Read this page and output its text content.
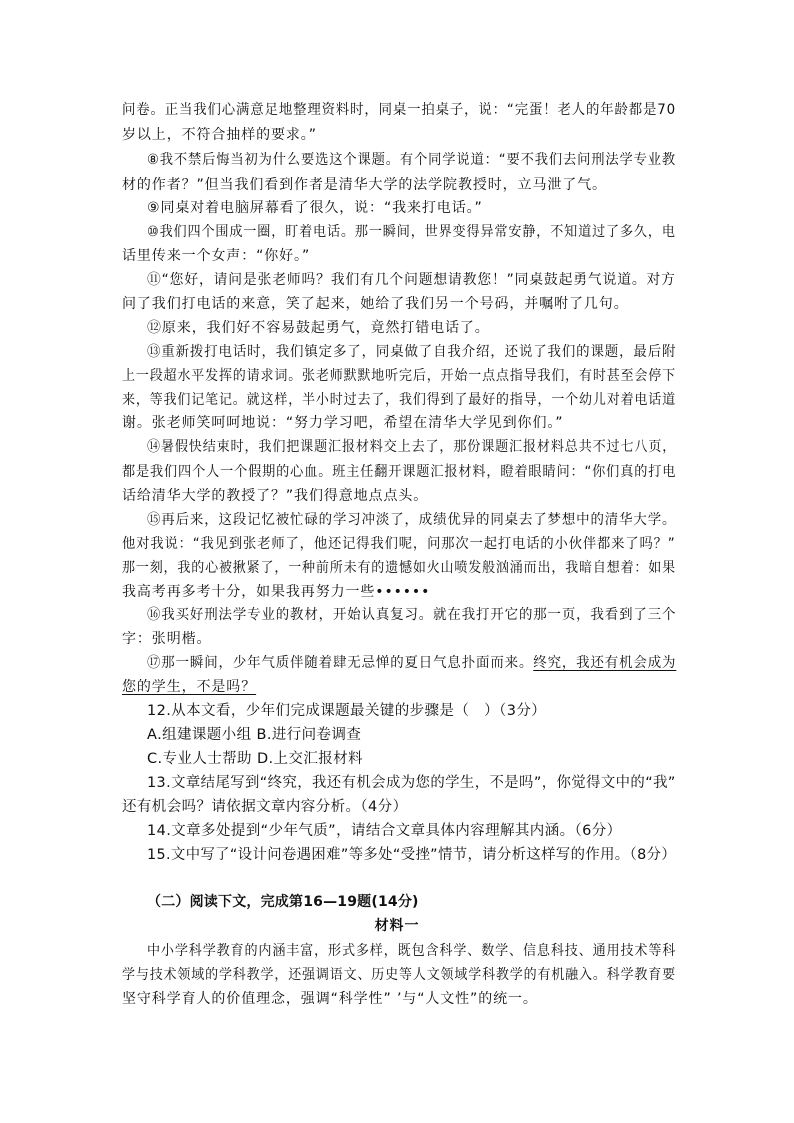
问卷。正当我们心满意足地整理资料时，同桌一拍桌子，说：“完蛋！老人的年龄都是70
岁以上，不符合抽样的要求。”
⑧我不禁后悔当初为什么要选这个课题。有个同学说道：“要不我们去问刑法学专业教
材的作者？”但当我们看到作者是清华大学的法学院教授时，立马泄了气。
⑨同桌对着电脑屏幕看了很久，说：“我来打电话。”
⑩我们四个围成一圈，盯着电话。那一瞬间，世界变得异常安静，不知道过了多久，电
话里传来一个女声：“你好。”
⑪“您好，请问是张老师吗？我们有几个问题想请教您！”同桌鼓起勇气说道。对方
问了我们打电话的来意，笑了起来，她给了我们另一个号码，并嘱咐了几句。
⑫原来，我们好不容易鼓起勇气，竟然打错电话了。
⑬重新拨打电话时，我们镇定多了，同桌做了自我介绍，还说了我们的课题，最后附
上一段超水平发挥的请求词。张老师默默地听完后，开始一点点指导我们，有时甚至会停下
来，等我们记笔记。就这样，半小时过去了，我们得到了最好的指导，一个幼儿对着电话道
谢。张老师笑呵呵地说：“努力学习吧，希望在清华大学见到你们。”
⑭暑假快结束时，我们把课题汇报材料交上去了，那份课题汇报材料总共不过七八页，
都是我们四个人一个假期的心血。班主任翻开课题汇报材料，瞪着眼睛问：“你们真的打电
话给清华大学的教授了？”我们得意地点点头。
⑮再后来，这段记忆被忙碌的学习冲淡了，成绩优异的同桌去了梦想中的清华大学。
他对我说：“我见到张老师了，他还记得我们呢，问那次一起打电话的小伙伴都来了吗？”
那一刻，我的心被揪紧了，一种前所未有的遗憾如火山喷发般汹涌而出，我暗自想着：如果
我高考再多考十分，如果我再努力一些••••••
⑯我买好刑法学专业的教材，开始认真复习。就在我打开它的那一页，我看到了三个
字：张明楷。
⑰那一瞬间，少年气质伴随着肆无忌惮的夏日气息扑面而来。终究，我还有机会成为
您的学生，不是吗？
12.从本文看，少年们完成课题最关键的步骤是（　）（3分）
A.组建课题小组 B.进行问卷调查
C.专业人士帮助 D.上交汇报材料
13.文章结尾写到“终究，我还有机会成为您的学生，不是吗”，你觉得文中的“我”
还有机会吗？请依据文章内容分析。（4分）
14.文章多处提到“少年气质”，请结合文章具体内容理解其内涵。（6分）
15.文中写了“设计问卷遇困难”等多处“受挫”情节，请分析这样写的作用。（8分）
（二）阅读下文，完成第16—19题(14分)
材料一
中小学科学教育的内涵丰富，形式多样，既包含科学、数学、信息科技、通用技术等科
学与技术领域的学科教学，还强调语文、历史等人文领域学科教学的有机融入。科学教育要
坚守科学育人的价值理念，强调“科学性” ’与“人文性”的统一。
